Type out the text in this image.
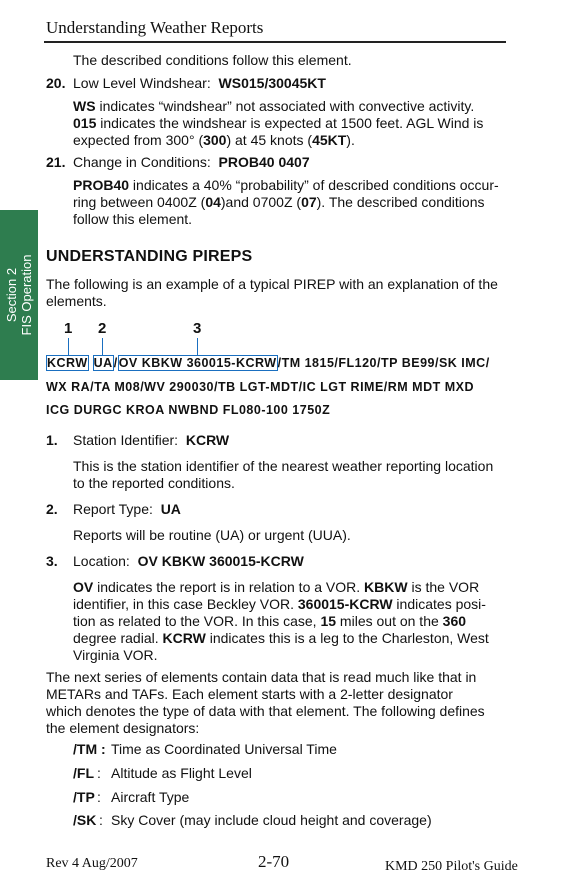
Understanding Weather Reports
Section 2 FIS Operation
The described conditions follow this element.
20. Low Level Windshear: WS015/30045KT
WS indicates “windshear” not associated with convective activity.
015 indicates the windshear is expected at 1500 feet. AGL Wind is
expected from 300° (300) at 45 knots (45KT).
21. Change in Conditions: PROB40 0407
PROB40 indicates a 40% “probability” of described conditions occur-
ring between 0400Z (04)and 0700Z (07). The described conditions
follow this element.
UNDERSTANDING PIREPS
The following is an example of a typical PIREP with an explanation of the
elements.
1 2	3
KCRW UA/OV KBKW 360015-KCRW/TM 1815/FL120/TP BE99/SK IMC/
WX RA/TA M08/WV 290030/TB LGT-MDT/IC LGT RIME/RM MDT MXD
ICG DURGC KROA NWBND FL080-100 1750Z
1. Station Identifier: KCRW
This is the station identifier of the nearest weather reporting location
to the reported conditions.
2. Report Type: UA
Reports will be routine (UA) or urgent (UUA).
3. Location: OV KBKW 360015-KCRW
OV indicates the report is in relation to a VOR. KBKW is the VOR
identifier, in this case Beckley VOR. 360015-KCRW indicates posi-
tion as related to the VOR. In this case, 15 miles out on the 360
degree radial. KCRW indicates this is a leg to the Charleston, West
Virginia VOR.
The next series of elements contain data that is read much like that in
METARs and TAFs. Each element starts with a 2-letter designator
which denotes the type of data with that element. The following defines
the element designators:
/TM : Time as Coordinated Universal Time
/FL : Altitude as Flight Level
/TP : Aircraft Type
/SK : Sky Cover (may include cloud height and coverage)
Rev 4 Aug/2007	2-70	KMD 250 Pilot's Guide
